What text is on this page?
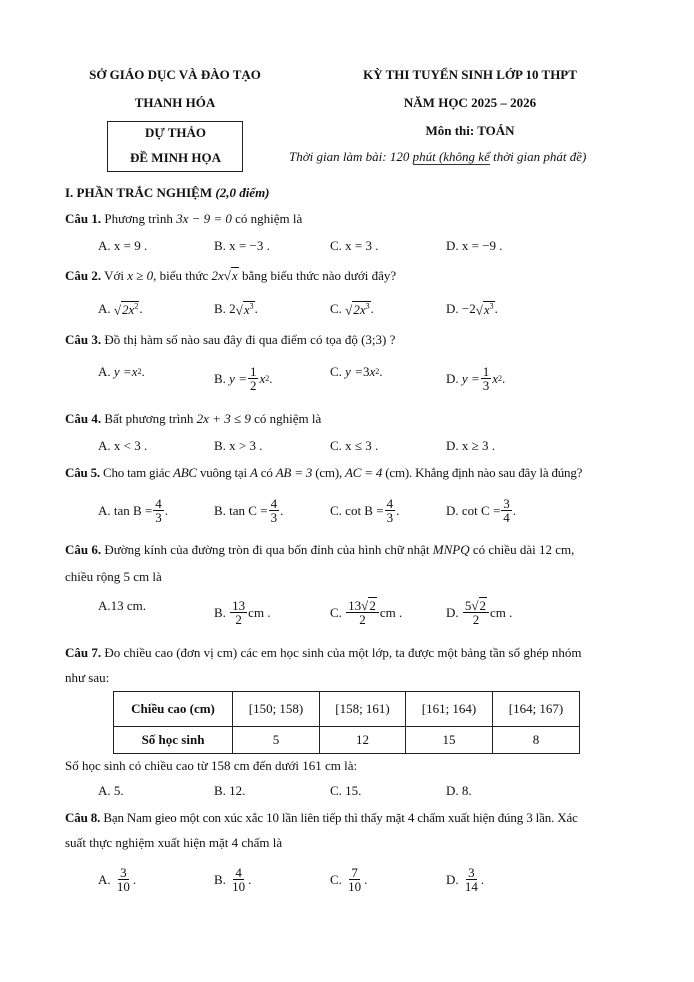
SỞ GIÁO DỤC VÀ ĐÀO TẠO
THANH HÓA
DỰ THẢO
ĐỀ MINH HỌA
KỲ THI TUYỂN SINH LỚP 10 THPT
NĂM HỌC 2025 – 2026
Môn thi: TOÁN
Thời gian làm bài: 120 phút (không kể thời gian phát đề)
I. PHẦN TRẮC NGHIỆM (2,0 điểm)
Câu 1. Phương trình 3x − 9 = 0 có nghiệm là
A. x = 9 .	B. x = −3 .	C. x = 3 .	D. x = −9 .
Câu 2. Với x ≥ 0, biểu thức 2x√x bằng biểu thức nào dưới đây?
A.
$√2x^2$ .	B.
2 $√x^3$ .	C.
$√2x^3$ .	D.
−2 $√x^3$ .
Câu 3. Đồ thị hàm số nào sau đây đi qua điểm có tọa độ (3;3) ?
A.
y = x 2 .	B.
$y = \frac{1}{2}$ x 2 .	C.
y = 3 x 2 .	D.
$y = \frac{1}{3}$ x 2 .
Câu 4. Bất phương trình 2x + 3 ≤ 9 có nghiệm là
A. x < 3 .	B. x > 3 .	C. x ≤ 3 .	D. x ≥ 3 .
Câu 5. Cho tam giác ABC vuông tại A có AB = 3 (cm), AC = 4 (cm). Khẳng định nào sau đây là đúng?
A.
$\tan B = \frac{4}{3}$ .	B.
$\tan C = \frac{4}{3}$ .	C.
$\cot B = \frac{4}{3}$ .	D.
$\cot C = \frac{3}{4}$ .
Câu 6. Đường kính của đường tròn đi qua bốn đỉnh của hình chữ nhật MNPQ có chiều dài 12 cm,
chiều rộng 5 cm là
A. 13 cm.	B.
$\frac{13}{2}$ cm .	C.
$\frac{13√2}{2}$ cm .	D.
$\frac{5√2}{2}$ cm .
Câu 7. Đo chiều cao (đơn vị cm) các em học sinh của một lớp, ta được một bảng tần số ghép nhóm
như sau:
Chiều cao (cm)	[150; 158)	[158; 161)	[161; 164)	[164; 167)
Số học sinh	5	12	15	8
Số học sinh có chiều cao từ 158 cm đến dưới 161 cm là:
A. 5.	B. 12.	C. 15.	D. 8.
Câu 8. Bạn Nam gieo một con xúc xắc 10 lần liên tiếp thì thấy mặt 4 chấm xuất hiện đúng 3 lần. Xác
suất thực nghiệm xuất hiện mặt 4 chấm là
A.
$\frac{3}{10}$ .	B.
$\frac{4}{10}$ .	C.
$\frac{7}{10}$ .	D.
$\frac{3}{14}$ .
